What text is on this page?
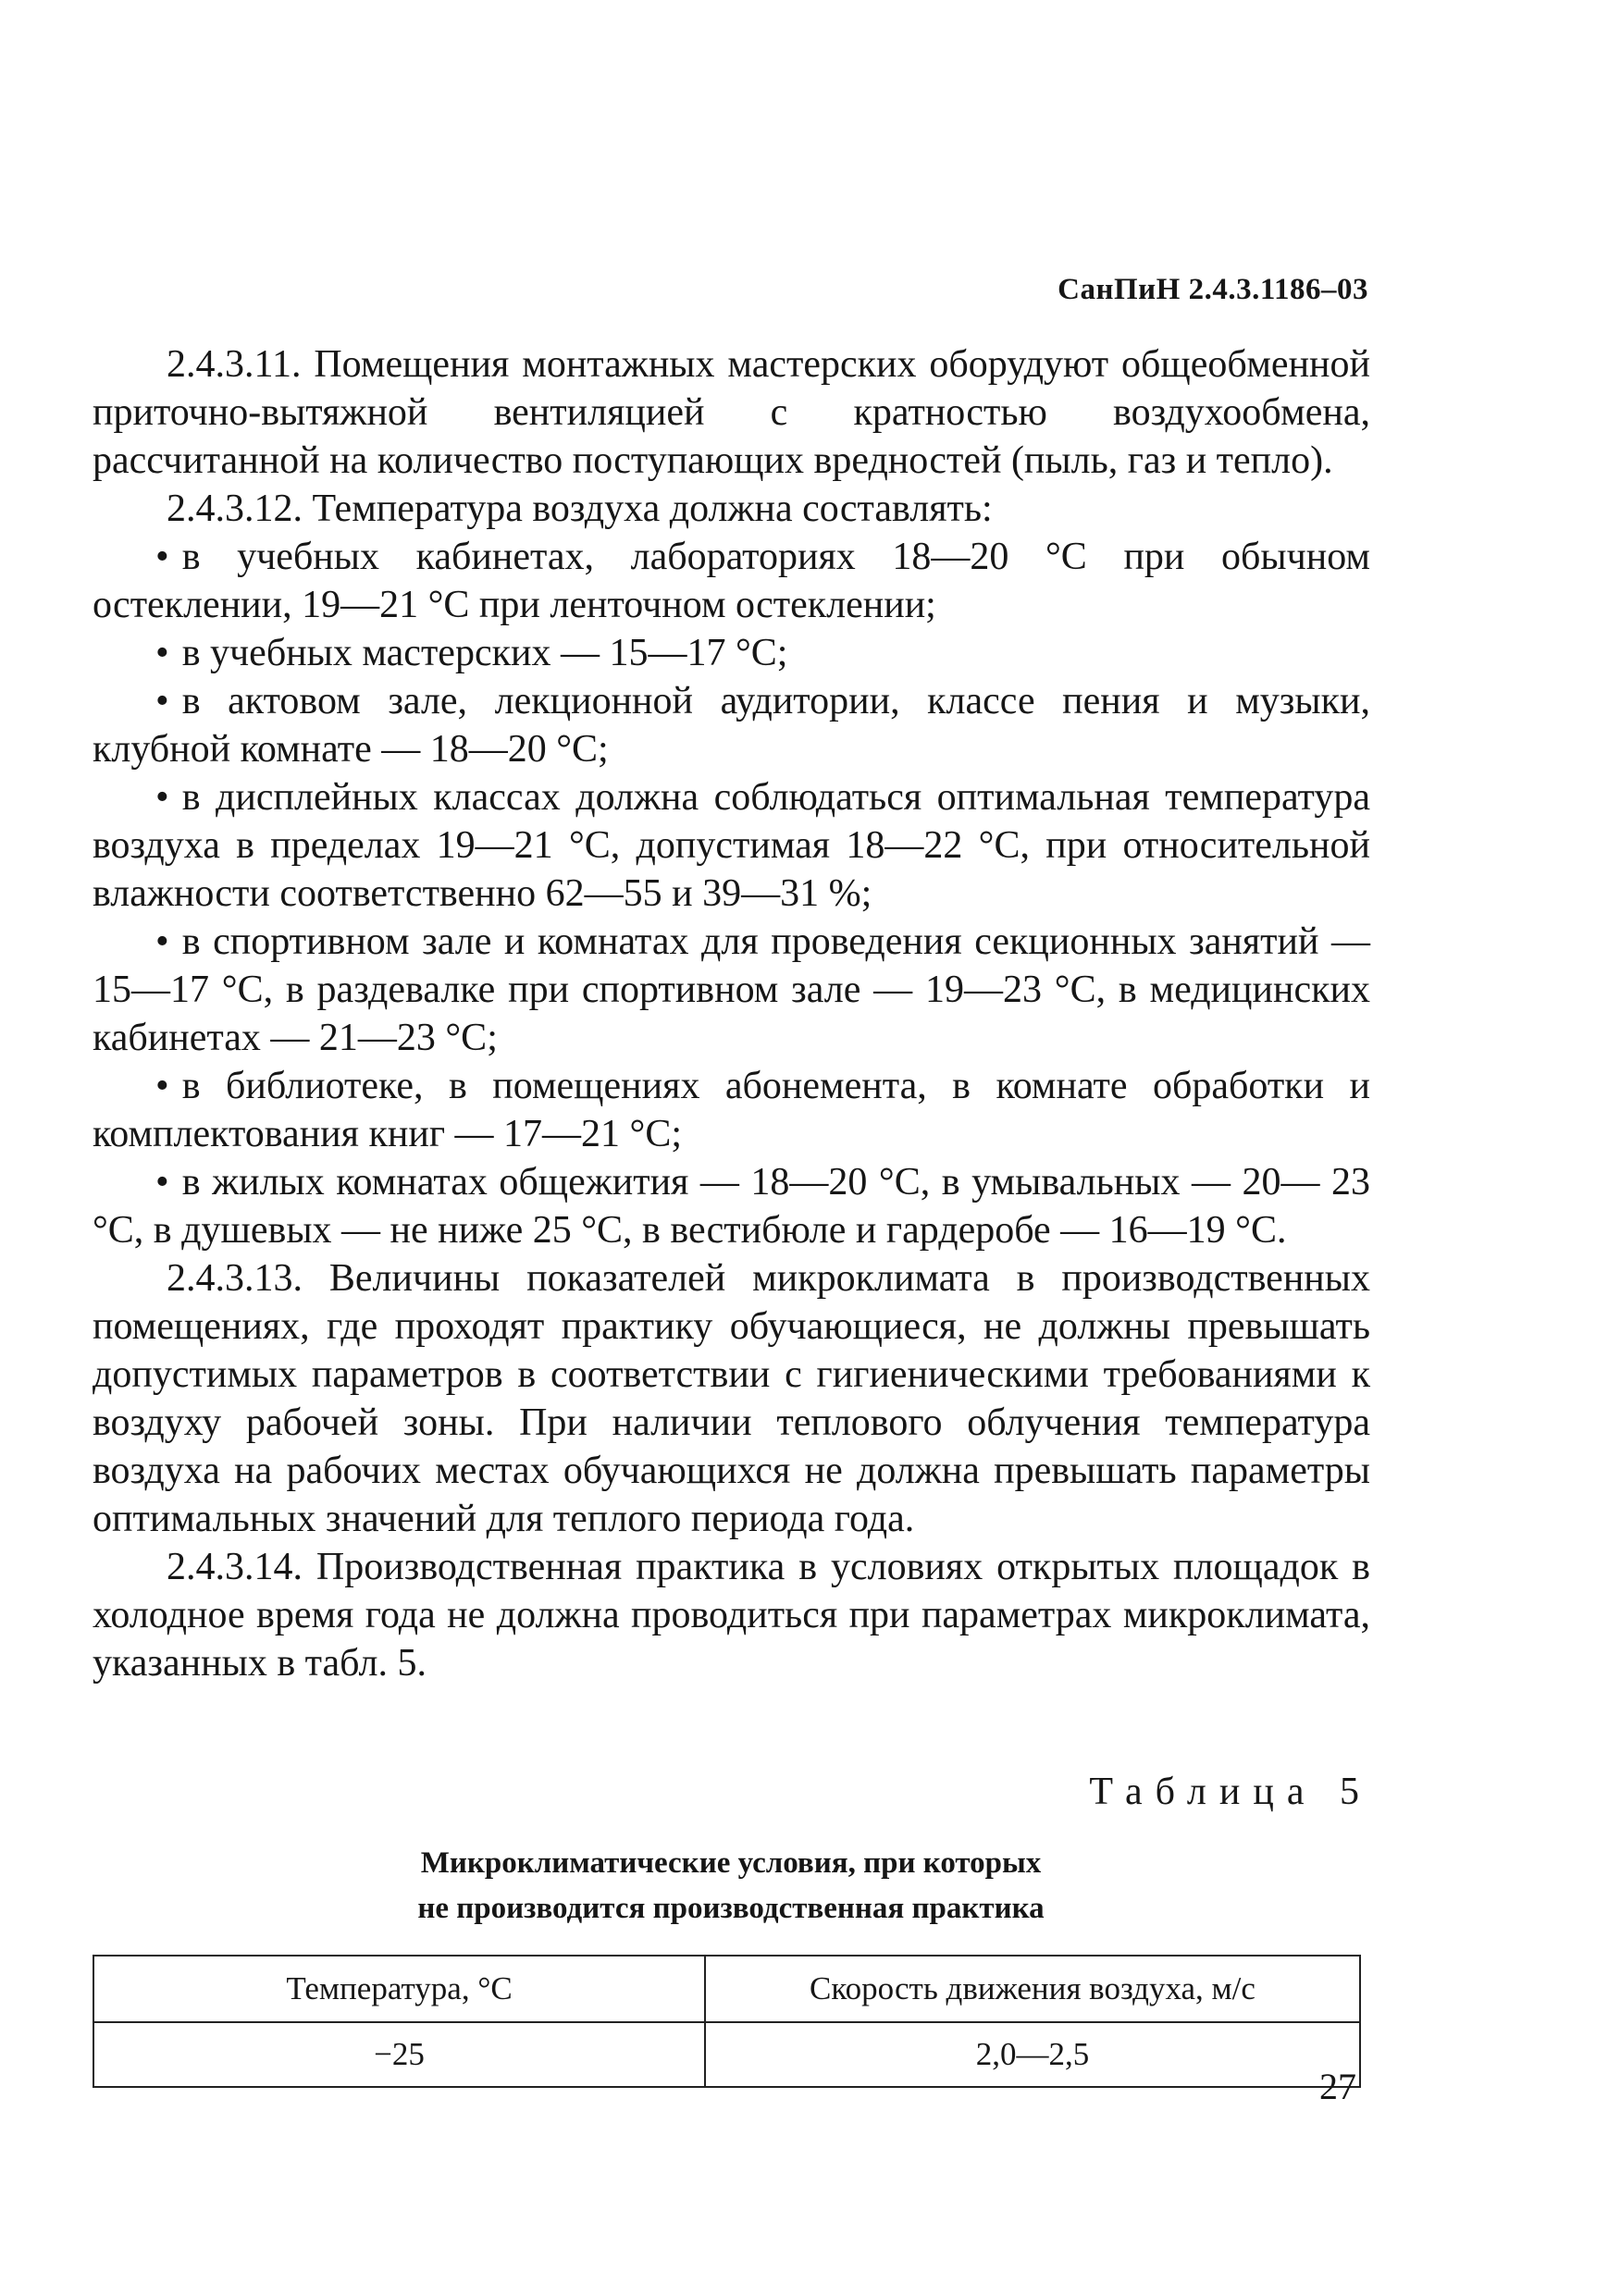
СанПиН 2.4.3.1186–03

2.4.3.11. Помещения монтажных мастерских оборудуют общеобменной приточно-вытяжной вентиляцией с кратностью воздухообмена, рассчитанной на количество поступающих вредностей (пыль, газ и тепло).

2.4.3.12. Температура воздуха должна составлять:

• в учебных кабинетах, лабораториях 18—20 °С при обычном остеклении, 19—21 °С при ленточном остеклении;

• в учебных мастерских — 15—17 °С;

• в актовом зале, лекционной аудитории, классе пения и музыки, клубной комнате — 18—20 °С;

• в дисплейных классах должна соблюдаться оптимальная температура воздуха в пределах 19—21 °С, допустимая 18—22 °С, при относительной влажности соответственно 62—55 и 39—31 %;

• в спортивном зале и комнатах для проведения секционных занятий — 15—17 °С, в раздевалке при спортивном зале — 19—23 °С, в медицинских кабинетах — 21—23 °С;

• в библиотеке, в помещениях абонемента, в комнате обработки и комплектования книг — 17—21 °С;

• в жилых комнатах общежития — 18—20 °С, в умывальных — 20— 23 °С, в душевых — не ниже 25 °С, в вестибюле и гардеробе — 16—19 °С.

2.4.3.13. Величины показателей микроклимата в производственных помещениях, где проходят практику обучающиеся, не должны превышать допустимых параметров в соответствии с гигиеническими требованиями к воздуху рабочей зоны. При наличии теплового облучения температура воздуха на рабочих местах обучающихся не должна превышать параметры оптимальных значений для теплого периода года.

2.4.3.14. Производственная практика в условиях открытых площадок в холодное время года не должна проводиться при параметрах микроклимата, указанных в табл. 5.

Таблица 5
Микроклиматические условия, при которых
не производится производственная практика
Температура, °С	Скорость движения воздуха, м/с
−25	2,0—2,5
27
